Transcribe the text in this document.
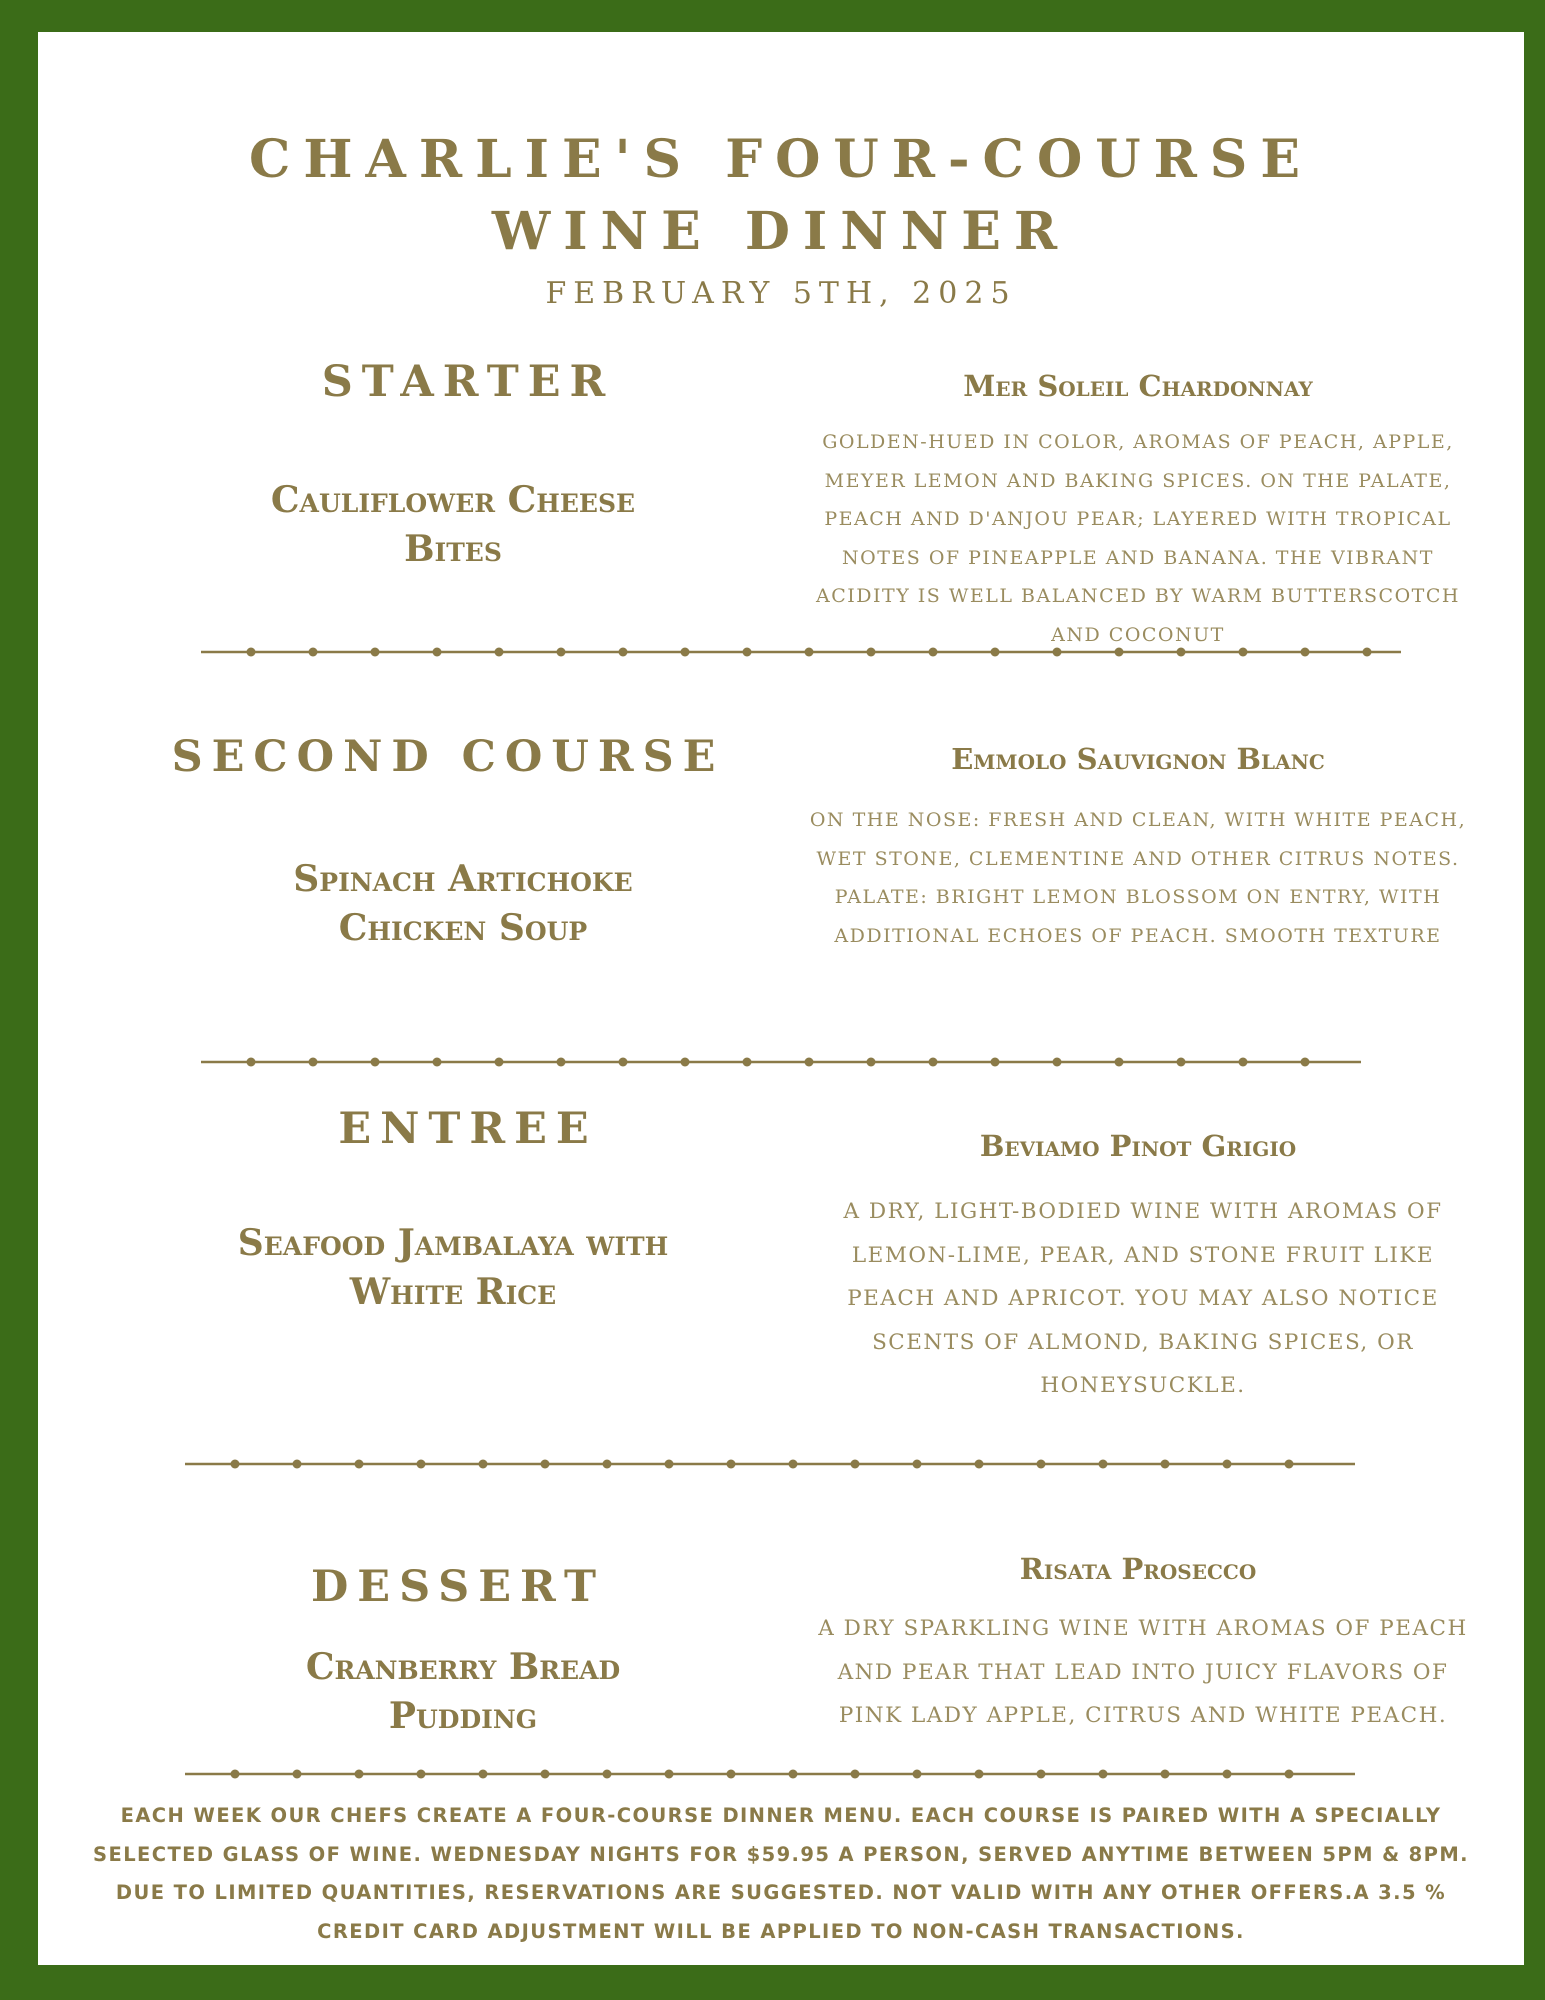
CHARLIE'S FOUR-COURSE
WINE DINNER
FEBRUARY 5TH, 2025
STARTER
Cauliflower Cheese Bites
Mer Soleil Chardonnay
GOLDEN-HUED IN COLOR, AROMAS OF PEACH, APPLE, MEYER LEMON AND BAKING SPICES. ON THE PALATE, PEACH AND D'ANJOU PEAR; LAYERED WITH TROPICAL NOTES OF PINEAPPLE AND BANANA. THE VIBRANT ACIDITY IS WELL BALANCED BY WARM BUTTERSCOTCH AND COCONUT
SECOND COURSE
Spinach Artichoke Chicken Soup
Emmolo Sauvignon Blanc
ON THE NOSE: FRESH AND CLEAN, WITH WHITE PEACH, WET STONE, CLEMENTINE AND OTHER CITRUS NOTES. PALATE: BRIGHT LEMON BLOSSOM ON ENTRY, WITH ADDITIONAL ECHOES OF PEACH. SMOOTH TEXTURE
ENTREE
Seafood Jambalaya with White Rice
Beviamo Pinot Grigio
A DRY, LIGHT-BODIED WINE WITH AROMAS OF LEMON-LIME, PEAR, AND STONE FRUIT LIKE PEACH AND APRICOT. YOU MAY ALSO NOTICE SCENTS OF ALMOND, BAKING SPICES, OR HONEYSUCKLE.
DESSERT
Cranberry Bread Pudding
Risata Prosecco
A DRY SPARKLING WINE WITH AROMAS OF PEACH AND PEAR THAT LEAD INTO JUICY FLAVORS OF PINK LADY APPLE, CITRUS AND WHITE PEACH.
EACH WEEK OUR CHEFS CREATE A FOUR-COURSE DINNER MENU. EACH COURSE IS PAIRED WITH A SPECIALLY SELECTED GLASS OF WINE. WEDNESDAY NIGHTS FOR $59.95 A PERSON, SERVED ANYTIME BETWEEN 5PM & 8PM. DUE TO LIMITED QUANTITIES, RESERVATIONS ARE SUGGESTED. NOT VALID WITH ANY OTHER OFFERS.A 3.5 % CREDIT CARD ADJUSTMENT WILL BE APPLIED TO NON-CASH TRANSACTIONS.
